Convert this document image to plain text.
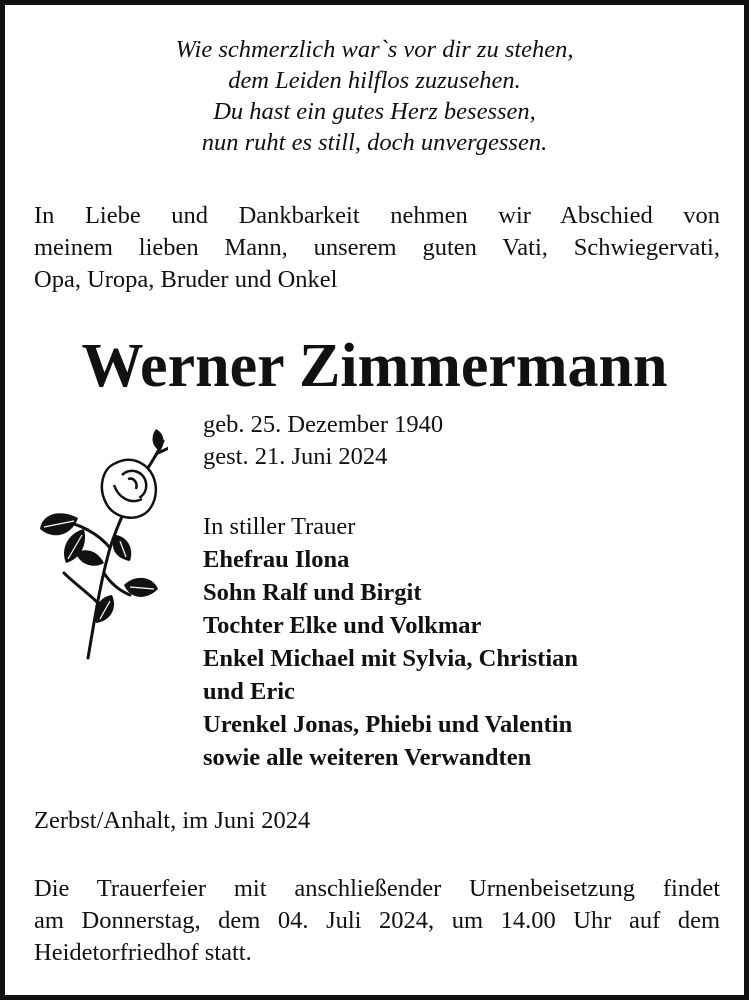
Wie schmerzlich war`s vor dir zu stehen,
dem Leiden hilflos zuzusehen.
Du hast ein gutes Herz besessen,
nun ruht es still, doch unvergessen.
In Liebe und Dankbarkeit nehmen wir Abschied von
meinem lieben Mann, unserem guten Vati, Schwiegervati,
Opa, Uropa, Bruder und Onkel
Werner Zimmermann
geb. 25. Dezember 1940
gest. 21. Juni 2024
In stiller Trauer
Ehefrau Ilona
Sohn Ralf und Birgit
Tochter Elke und Volkmar
Enkel Michael mit Sylvia, Christian
und Eric
Urenkel Jonas, Phiebi und Valentin
sowie alle weiteren Verwandten
Zerbst/Anhalt, im Juni 2024
Die Trauerfeier mit anschließender Urnenbeisetzung findet
am Donnerstag, dem 04. Juli 2024, um 14.00 Uhr auf dem
Heidetorfriedhof statt.
